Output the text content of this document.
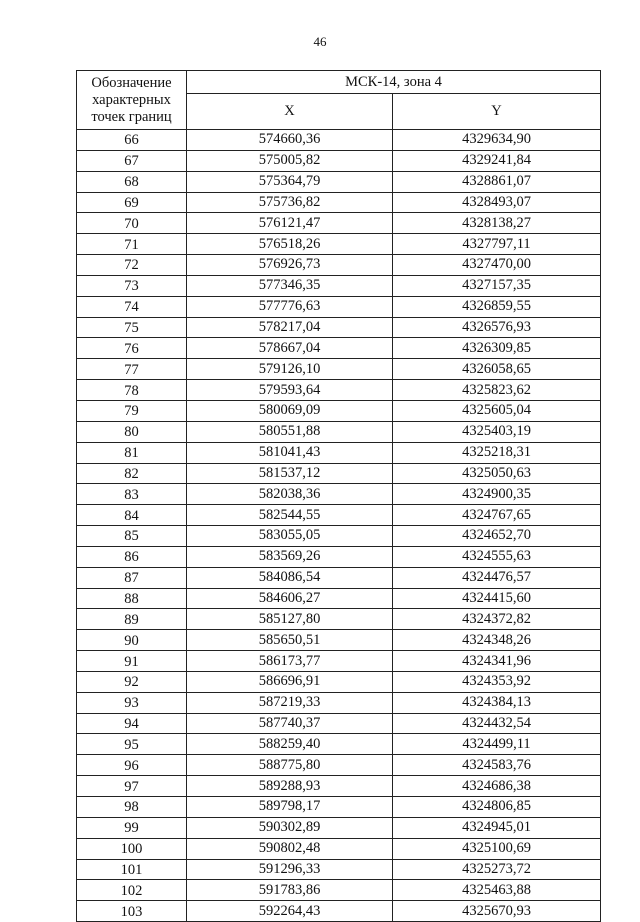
46
Обозначение характерных точек границ	МСК-14, зона 4	
	X	Y
66	574660,36	4329634,90
67	575005,82	4329241,84
68	575364,79	4328861,07
69	575736,82	4328493,07
70	576121,47	4328138,27
71	576518,26	4327797,11
72	576926,73	4327470,00
73	577346,35	4327157,35
74	577776,63	4326859,55
75	578217,04	4326576,93
76	578667,04	4326309,85
77	579126,10	4326058,65
78	579593,64	4325823,62
79	580069,09	4325605,04
80	580551,88	4325403,19
81	581041,43	4325218,31
82	581537,12	4325050,63
83	582038,36	4324900,35
84	582544,55	4324767,65
85	583055,05	4324652,70
86	583569,26	4324555,63
87	584086,54	4324476,57
88	584606,27	4324415,60
89	585127,80	4324372,82
90	585650,51	4324348,26
91	586173,77	4324341,96
92	586696,91	4324353,92
93	587219,33	4324384,13
94	587740,37	4324432,54
95	588259,40	4324499,11
96	588775,80	4324583,76
97	589288,93	4324686,38
98	589798,17	4324806,85
99	590302,89	4324945,01
100	590802,48	4325100,69
101	591296,33	4325273,72
102	591783,86	4325463,88
103	592264,43	4325670,93
